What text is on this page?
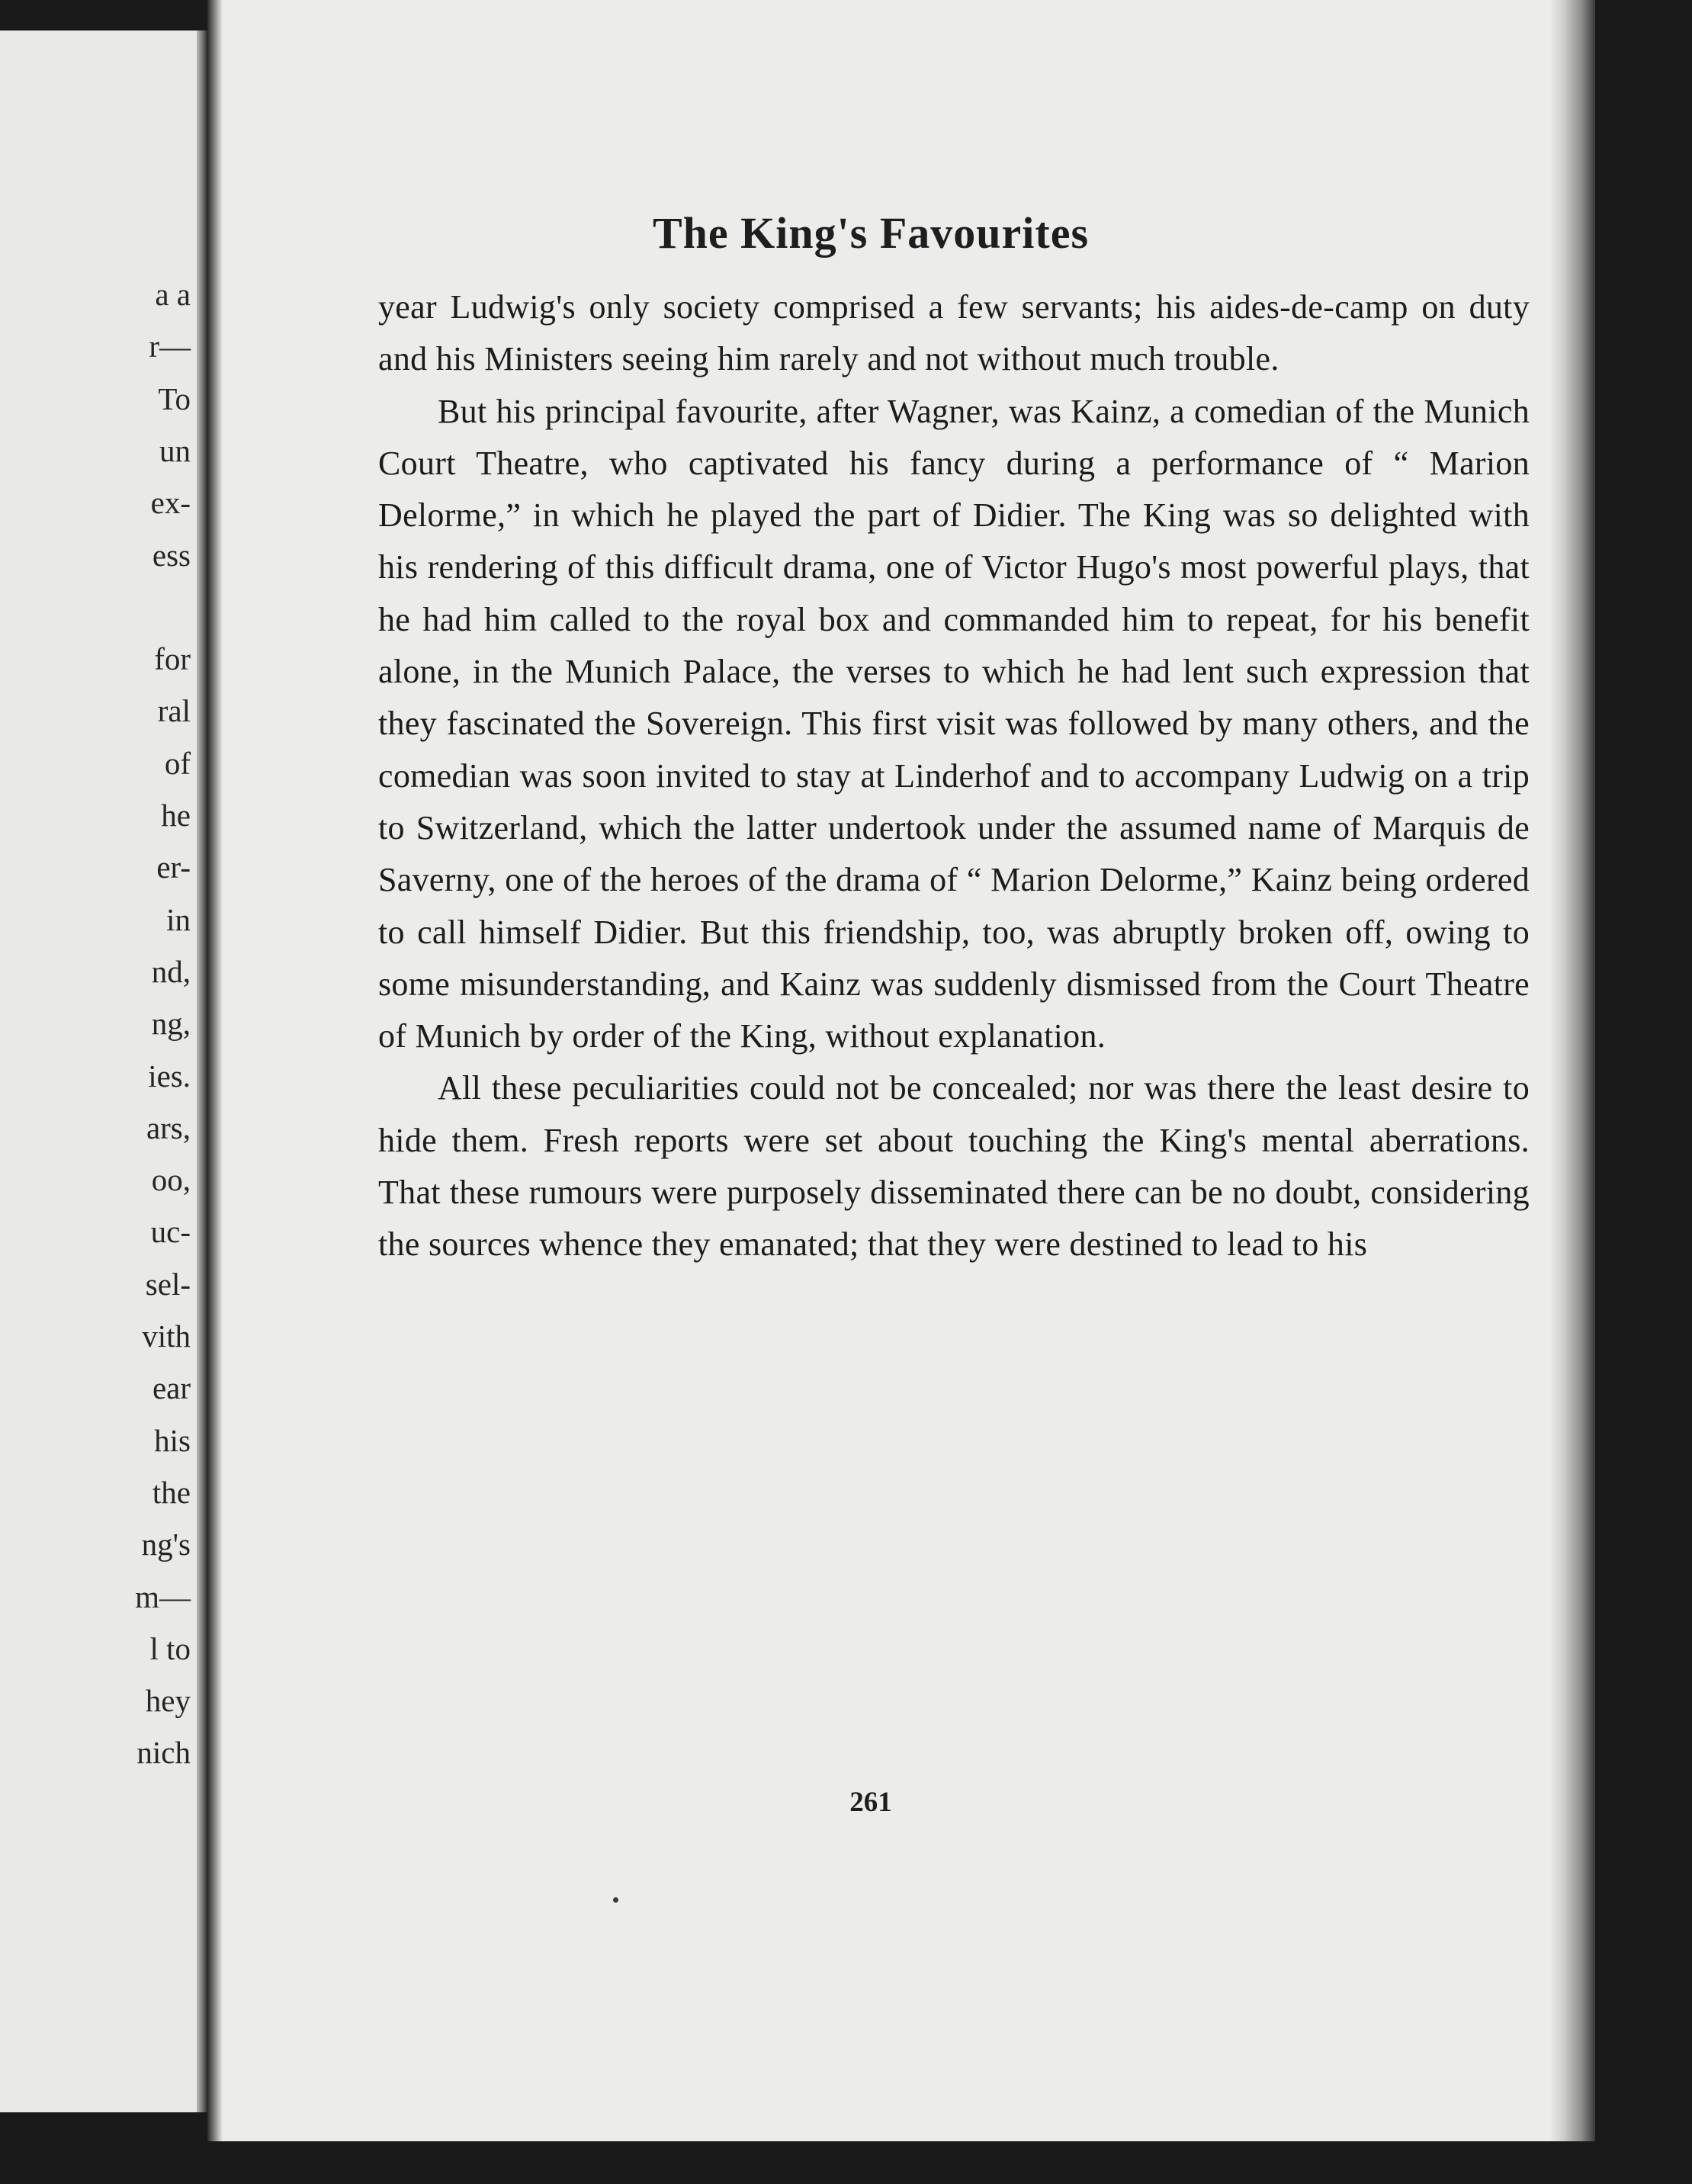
a a
r—
To
un
ex-
ess
for
ral
of
he
er-
in
nd,
ng,
ies.
ars,
oo,
uc-
sel-
vith
ear
his
the
ng's
m—
l to
hey
nich
The King's Favourites

year Ludwig's only society comprised a few servants; his aides-de-camp on duty and his Ministers seeing him rarely and not without much trouble.

But his principal favourite, after Wagner, was Kainz, a comedian of the Munich Court Theatre, who captivated his fancy during a performance of “ Marion Delorme,” in which he played the part of Didier. The King was so delighted with his rendering of this difficult drama, one of Victor Hugo's most powerful plays, that he had him called to the royal box and commanded him to repeat, for his benefit alone, in the Munich Palace, the verses to which he had lent such expression that they fascinated the Sovereign. This first visit was followed by many others, and the comedian was soon invited to stay at Linderhof and to accompany Ludwig on a trip to Switzerland, which the latter undertook under the assumed name of Marquis de Saverny, one of the heroes of the drama of “ Marion Delorme,” Kainz being ordered to call himself Didier. But this friendship, too, was abruptly broken off, owing to some misunderstanding, and Kainz was suddenly dismissed from the Court Theatre of Munich by order of the King, without explanation.

All these peculiarities could not be concealed; nor was there the least desire to hide them. Fresh reports were set about touching the King's mental aberrations. That these rumours were purposely disseminated there can be no doubt, considering the sources whence they emanated; that they were destined to lead to his

261
